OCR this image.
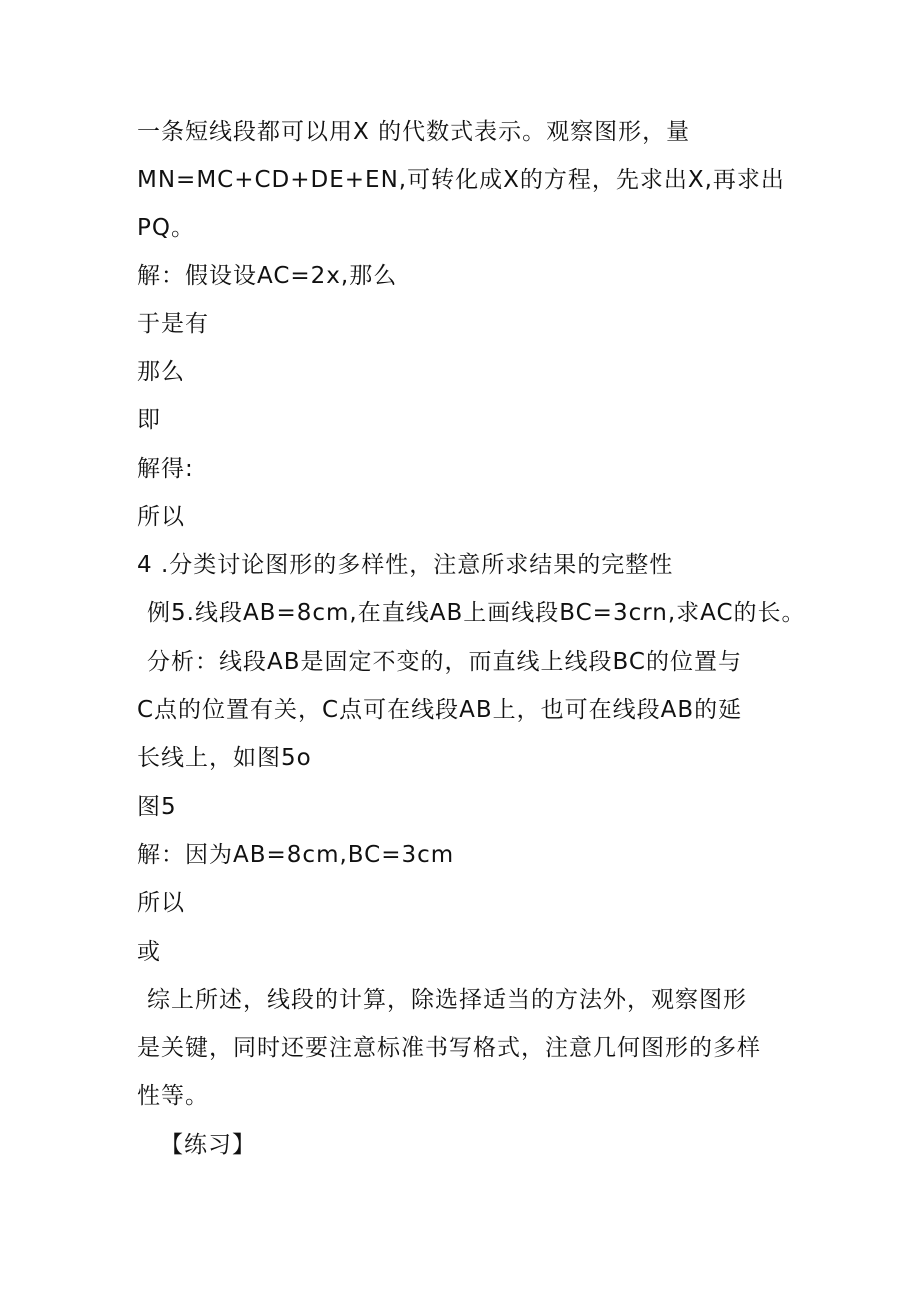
一条短线段都可以用X 的代数式表示。观察图形，量
MN=MC+CD+DE+EN,可转化成X的方程，先求出X,再求出
PQ。
解：假设设AC=2x,那么
于是有
那么
即
解得:
所以
4 .分类讨论图形的多样性，注意所求结果的完整性
例5.线段AB=8cm,在直线AB上画线段BC=3crn,求AC的长。
分析：线段AB是固定不变的，而直线上线段BC的位置与
C点的位置有关，C点可在线段AB上，也可在线段AB的延
长线上，如图5o
图5
解：因为AB=8cm,BC=3cm
所以
或
综上所述，线段的计算，除选择适当的方法外，观察图形
是关键，同时还要注意标准书写格式，注意几何图形的多样
性等。
【练习】
